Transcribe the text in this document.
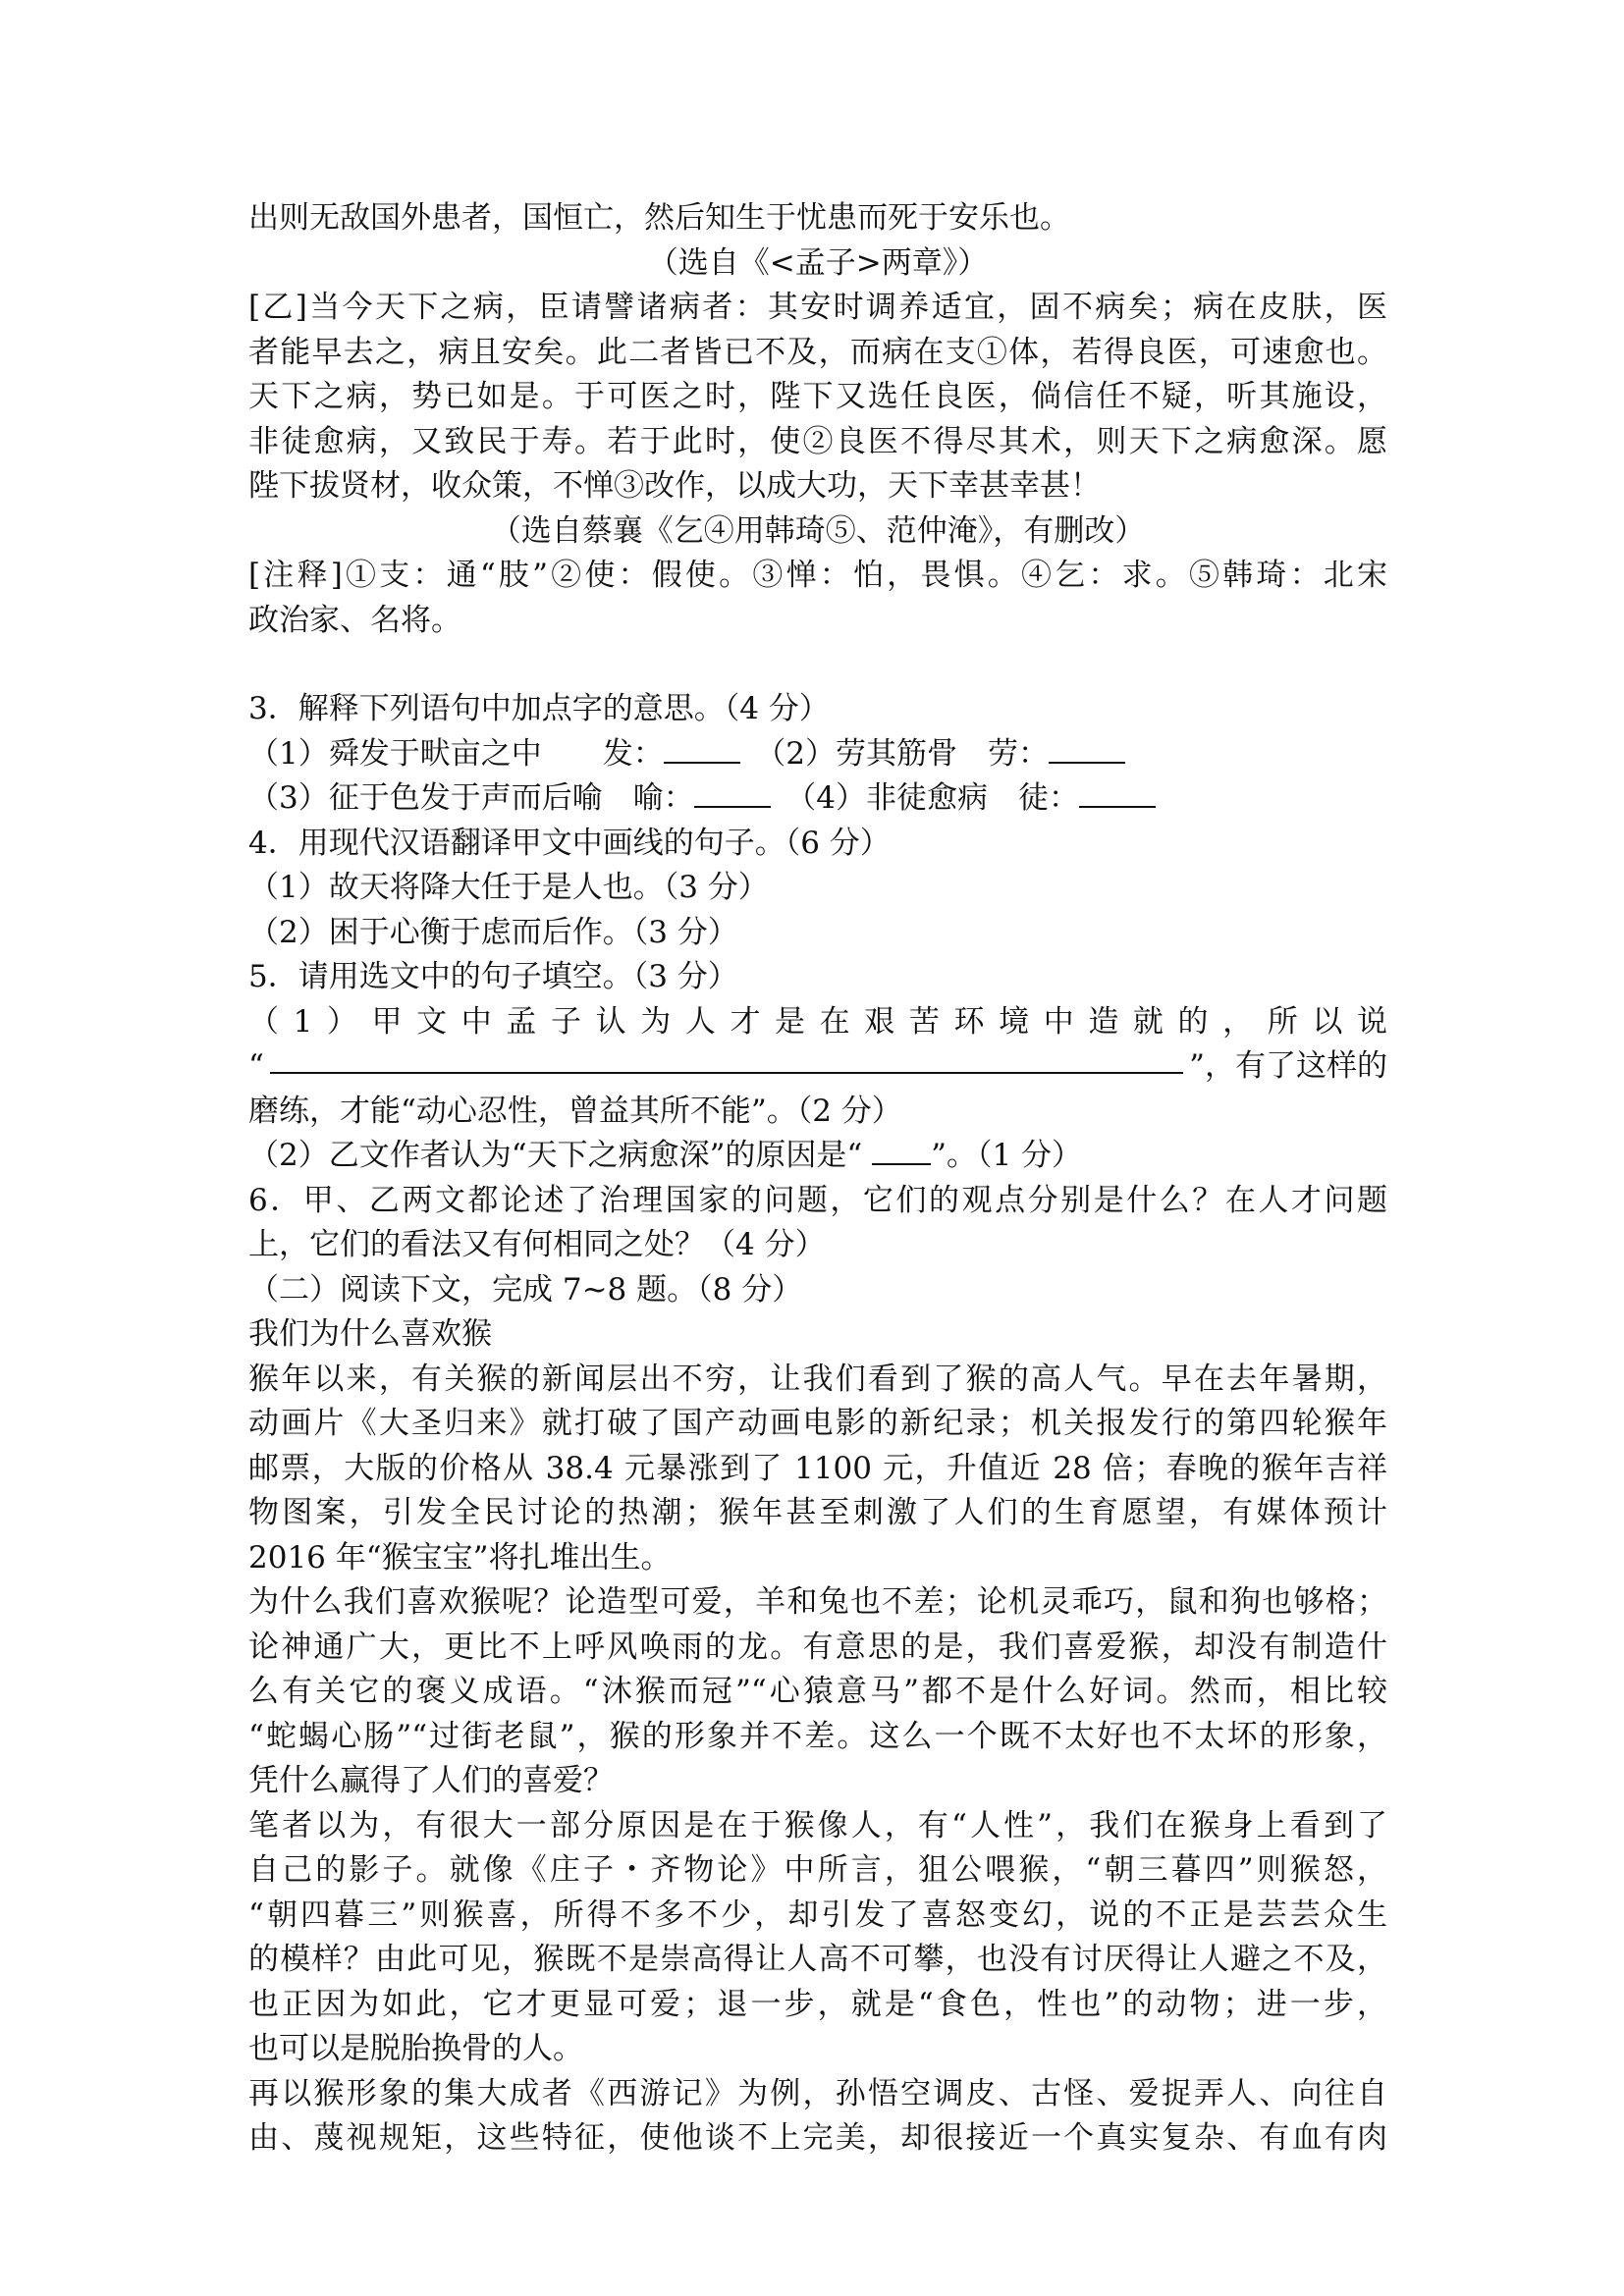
出则无敌国外患者，国恒亡，然后知生于忧患而死于安乐也。
（选自《<孟子>两章》）
[乙]当今天下之病，臣请譬诸病者：其安时调养适宜，固不病矣；病在皮肤，医
者能早去之，病且安矣。此二者皆已不及，而病在支①体，若得良医，可速愈也。
天下之病，势已如是。于可医之时，陛下又选任良医，倘信任不疑，听其施设，
非徒愈病，又致民于寿。若于此时，使②良医不得尽其术，则天下之病愈深。愿
陛下拔贤材，收众策，不惮③改作，以成大功，天下幸甚幸甚！
（选自蔡襄《乞④用韩琦⑤、范仲淹》，有删改）
[注释]①支：通“肢”②使：假使。③惮：怕，畏惧。④乞：求。⑤韩琦：北宋
政治家、名将。
3．解释下列语句中加点字的意思。（4 分）
（1）舜发于畎亩之中　　发：	　（2）劳其筋骨　劳：
（3）征于色发于声而后喻　喻：	　（4）非徒愈病　徒：
4．用现代汉语翻译甲文中画线的句子。（6 分）
（1）故天将降大任于是人也。（3 分）
（2）困于心衡于虑而后作。（3 分）
5．请用选文中的句子填空。（3 分）
（1）甲文中孟子认为人才是在艰苦环境中造就的，所以说
“	”，有了这样的
磨练，才能“动心忍性，曾益其所不能”。（2 分）
（2）乙文作者认为“天下之病愈深”的原因是“ ”。（1 分）
6．甲、乙两文都论述了治理国家的问题，它们的观点分别是什么？在人才问题
上，它们的看法又有何相同之处？（4 分）
（二）阅读下文，完成 7~8 题。（8 分）
我们为什么喜欢猴
猴年以来，有关猴的新闻层出不穷，让我们看到了猴的高人气。早在去年暑期，
动画片《大圣归来》就打破了国产动画电影的新纪录；机关报发行的第四轮猴年
邮票，大版的价格从 38.4 元暴涨到了 1100 元，升值近 28 倍；春晚的猴年吉祥
物图案，引发全民讨论的热潮；猴年甚至刺激了人们的生育愿望，有媒体预计
2016 年“猴宝宝”将扎堆出生。
为什么我们喜欢猴呢？论造型可爱，羊和兔也不差；论机灵乖巧，鼠和狗也够格；
论神通广大，更比不上呼风唤雨的龙。有意思的是，我们喜爱猴，却没有制造什
么有关它的褒义成语。“沐猴而冠”“心猿意马”都不是什么好词。然而，相比较
“蛇蝎心肠”“过街老鼠”，猴的形象并不差。这么一个既不太好也不太坏的形象，
凭什么赢得了人们的喜爱？
笔者以为，有很大一部分原因是在于猴像人，有“人性”，我们在猴身上看到了
自己的影子。就像《庄子・齐物论》中所言，狙公喂猴，“朝三暮四”则猴怒，
“朝四暮三”则猴喜，所得不多不少，却引发了喜怒变幻，说的不正是芸芸众生
的模样？由此可见，猴既不是崇高得让人高不可攀，也没有讨厌得让人避之不及，
也正因为如此，它才更显可爱；退一步，就是“食色，性也”的动物；进一步，
也可以是脱胎换骨的人。
再以猴形象的集大成者《西游记》为例，孙悟空调皮、古怪、爱捉弄人、向往自
由、蔑视规矩，这些特征，使他谈不上完美，却很接近一个真实复杂、有血有肉
